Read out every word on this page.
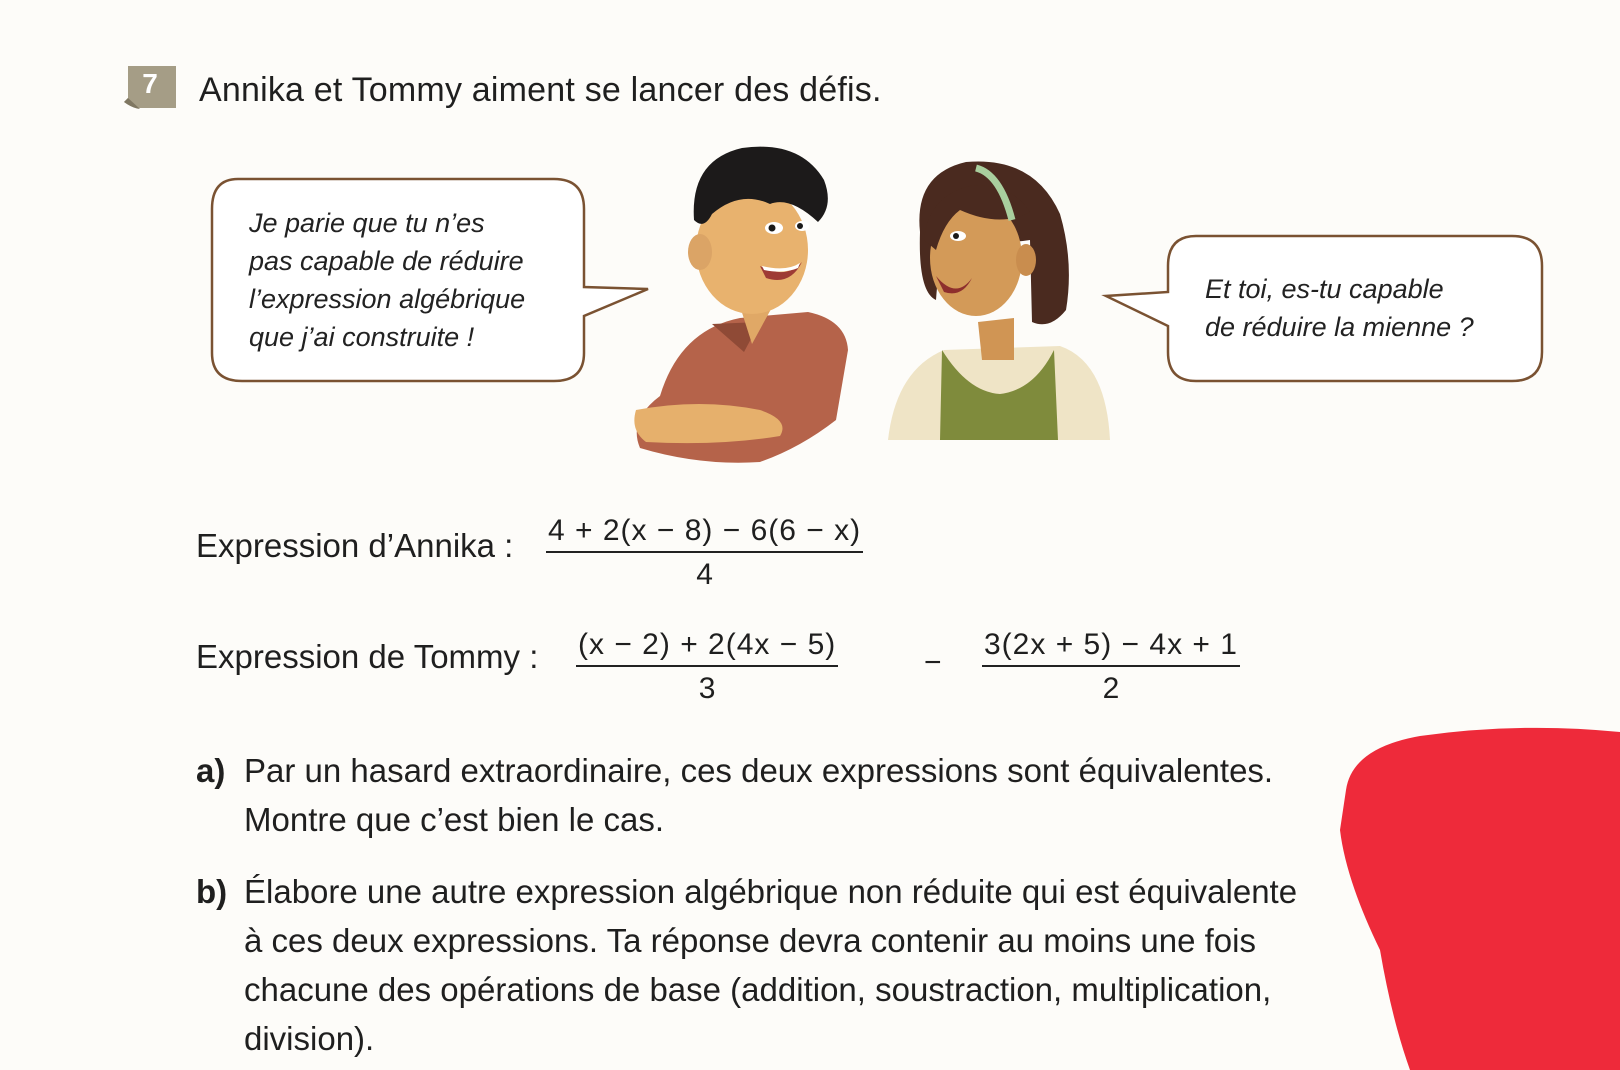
7	Annika et Tommy aiment se lancer des défis.
Je parie que tu n’es
pas capable de réduire
l’expression algébrique
que j’ai construite !
Et toi, es-tu capable
de réduire la mienne ?
Expression d’Annika : 4 + 2(x − 8) − 6(6 − x)
4
Expression de Tommy : (x − 2) + 2(4x − 5)
3
−
3(2x + 5) − 4x + 1
2
a) Par un hasard extraordinaire, ces deux expressions sont équivalentes.
Montre que c’est bien le cas.
b) Élabore une autre expression algébrique non réduite qui est équivalente
à ces deux expressions. Ta réponse devra contenir au moins une fois
chacune des opérations de base (addition, soustraction, multiplication,
division).
